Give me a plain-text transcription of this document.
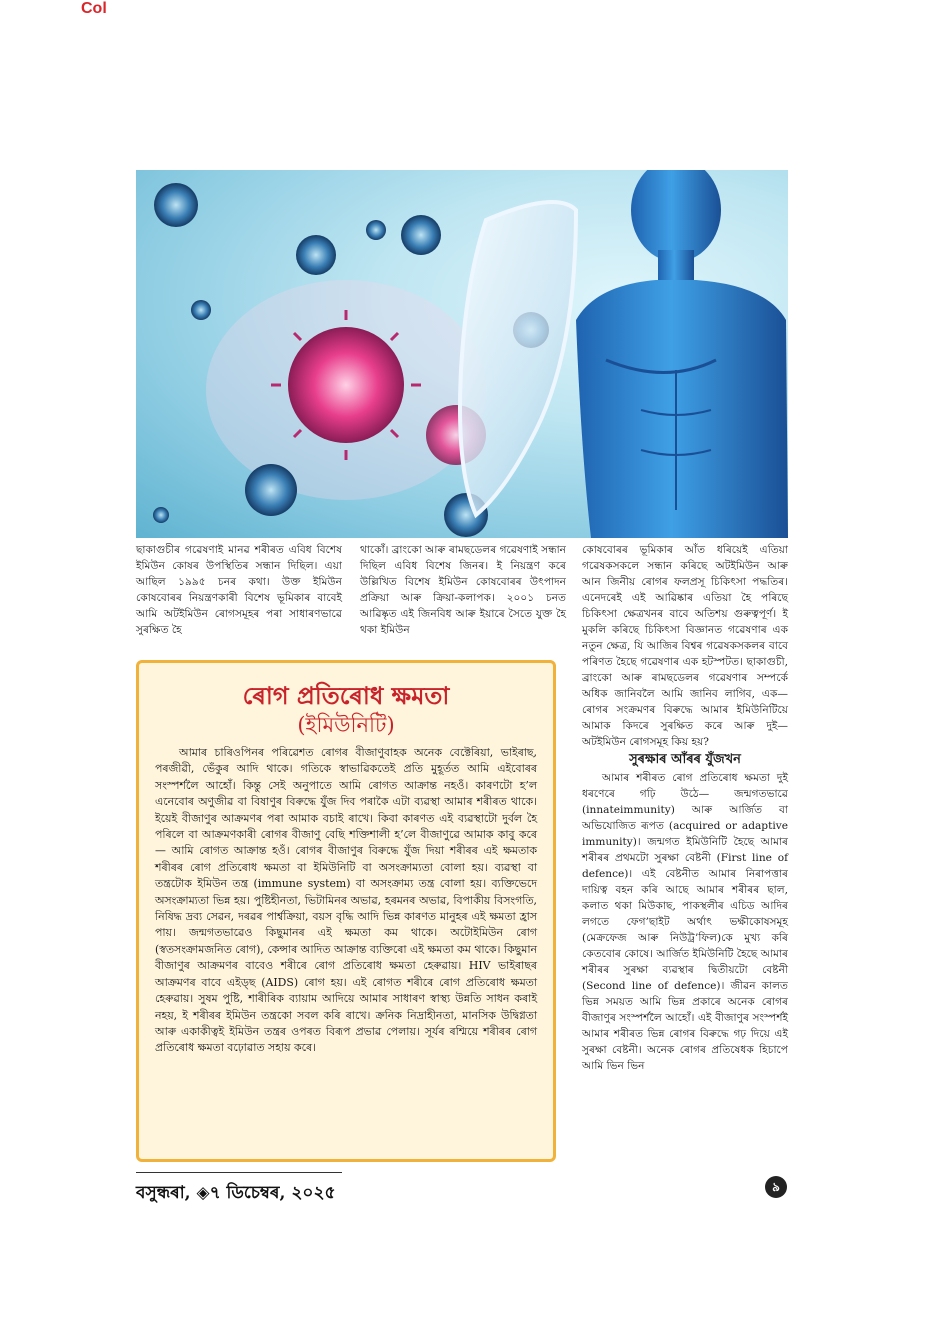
Col

ছাকাগুচীৰ গৱেষণাই মানৱ শৰীৰত এবিধ বিশেষ ইমিউন কোষৰ উপস্থিতিৰ সন্ধান দিছিল। এয়া আছিল ১৯৯৫ চনৰ কথা। উক্ত ইমিউন কোষবোৰৰ নিয়ন্ত্ৰণকাৰী বিশেষ ভূমিকাৰ বাবেই আমি অটইমিউন ৰোগসমূহৰ পৰা সাধাৰণভাৱে সুৰক্ষিত হৈ

থাকোঁ। ব্ৰাংকো আৰু ৰামছডেলৰ গৱেষণাই সন্ধান দিছিল এবিধ বিশেষ জিনৰ। ই নিয়ন্ত্ৰণ কৰে উল্লিখিত বিশেষ ইমিউন কোষবোৰৰ উৎপাদন প্ৰক্ৰিয়া আৰু ক্ৰিয়া-কলাপক। ২০০১ চনত আৱিষ্কৃত এই জিনবিধ আৰু ইয়াৰে সৈতে যুক্ত হৈ থকা ইমিউন

কোষবোৰৰ ভূমিকাৰ আঁত ধৰিয়েই এতিয়া গৱেষকসকলে সন্ধান কৰিছে অটইমিউন আৰু আন জিনীয় ৰোগৰ ফলপ্ৰসূ চিকিৎসা পদ্ধতিৰ। এনেদৰেই এই আৱিষ্কাৰ এতিয়া হৈ পৰিছে চিকিৎসা ক্ষেত্ৰখনৰ বাবে অতিশয় গুৰুত্বপূৰ্ণ। ই মুকলি কৰিছে চিকিৎসা বিজ্ঞানত গৱেষণাৰ এক নতুন ক্ষেত্ৰ, যি আজিৰ বিশ্বৰ গৱেষকসকলৰ বাবে পৰিণত হৈছে গৱেষণাৰ এক হটস্পটত। ছাকাগুচী, ব্ৰাংকো আৰু ৰামছডেলৰ গৱেষণাৰ সম্পৰ্কে অধিক জানিবলৈ আমি জানিব লাগিব, এক— ৰোগৰ সংক্ৰমণৰ বিৰুদ্ধে আমাৰ ইমিউনিটিয়ে আমাক কিদৰে সুৰক্ষিত কৰে আৰু দুই—অটইমিউন ৰোগসমূহ কিয় হয়?

সুৰক্ষাৰ আঁৰৰ যুঁজখন

আমাৰ শৰীৰত ৰোগ প্ৰতিৰোধ ক্ষমতা দুই ধৰণেৰে গঢ়ি উঠে— জন্মগতভাৱে (innateimmunity) আৰু আৰ্জিত বা অভিযোজিত ৰূপত (acquired or adaptive immunity)। জন্মগত ইমিউনিটি হৈছে আমাৰ শৰীৰৰ প্ৰথমটো সুৰক্ষা বেষ্টনী (First line of defence)। এই বেষ্টনীত আমাৰ নিৰাপত্তাৰ দায়িত্ব বহন কৰি আছে আমাৰ শৰীৰৰ ছাল, কলাত থকা মিউকাছ, পাকস্থলীৰ এচিড আদিৰ লগতে ফেগ’ছাইট অৰ্থাৎ ভক্ষীকোষসমূহ (মেক্ৰফেজ আৰু নিউট্ৰ’ফিল)কে মুখ্য কৰি কেতবোৰ কোষে। আৰ্জিত ইমিউনিটি হৈছে আমাৰ শৰীৰৰ সুৰক্ষা ব্যৱস্থাৰ দ্বিতীয়টো বেষ্টনী (Second line of defence)। জীৱন কালত ভিন্ন সময়ত আমি ভিন্ন প্ৰকাৰে অনেক ৰোগৰ বীজাণুৰ সংস্পৰ্শলৈ আহোঁ। এই বীজাণুৰ সংস্পৰ্শই আমাৰ শৰীৰত ভিন্ন ৰোগৰ বিৰুদ্ধে গঢ় দিয়ে এই সুৰক্ষা বেষ্টনী। অনেক ৰোগৰ প্ৰতিষেধক হিচাপে আমি ভিন ভিন

ৰোগ প্ৰতিৰোধ ক্ষমতা
(ইমিউনিটি)

আমাৰ চাৰিওপিনৰ পৰিৱেশত ৰোগৰ বীজাণুবাহক অনেক বেক্টেৰিয়া, ভাইৰাছ, পৰজীৱী, ভেঁকুৰ আদি থাকে। গতিকে স্বাভাৱিকতেই প্ৰতি মুহূৰ্তত আমি এইবোৰৰ সংস্পৰ্শলৈ আহোঁ। কিন্তু সেই অনুপাতে আমি ৰোগত আক্ৰান্ত নহওঁ। কাৰণটো হ’ল এনেবোৰ অণুজীৱ বা বিষাণুৰ বিৰুদ্ধে যুঁজ দিব পৰাকৈ এটা ব্যৱস্থা আমাৰ শৰীৰত থাকে। ইয়েই বীজাণুৰ আক্ৰমণৰ পৰা আমাক বচাই ৰাখে। কিবা কাৰণত এই ব্যৱস্থাটো দুৰ্বল হৈ পৰিলে বা আক্ৰমণকাৰী ৰোগৰ বীজাণু বেছি শক্তিশালী হ’লে বীজাণুৱে আমাক কাবু কৰে— আমি ৰোগত আক্ৰান্ত হওঁ। ৰোগৰ বীজাণুৰ বিৰুদ্ধে যুঁজ দিয়া শৰীৰৰ এই ক্ষমতাক শৰীৰৰ ৰোগ প্ৰতিৰোধ ক্ষমতা বা ইমিউনিটি বা অসংক্ৰাম্যতা বোলা হয়। ব্যৱস্থা বা তন্ত্ৰটোক ইমিউন তন্ত্ৰ (immune system) বা অসংক্ৰাম্য তন্ত্ৰ বোলা হয়। ব্যক্তিভেদে অসংক্ৰাম্যতা ভিন্ন হয়। পুষ্টিহীনতা, ভিটামিনৰ অভাৱ, হৰমনৰ অভাৱ, বিপাকীয় বিসংগতি, নিষিদ্ধ দ্ৰব্য সেৱন, দৰৱৰ পাৰ্শ্বক্ৰিয়া, বয়স বৃদ্ধি আদি ভিন্ন কাৰণত মানুহৰ এই ক্ষমতা হ্ৰাস পায়। জন্মগতভাৱেও কিছুমানৰ এই ক্ষমতা কম থাকে। অটোইমিউন ৰোগ (স্বতসংক্ৰামজনিত ৰোগ), কেন্সাৰ আদিত আক্ৰান্ত ব্যক্তিৰো এই ক্ষমতা কম থাকে। কিছুমান বীজাণুৰ আক্ৰমণৰ বাবেও শৰীৰে ৰোগ প্ৰতিৰোধ ক্ষমতা হেৰুৱায়। HIV ভাইৰাছৰ আক্ৰমণৰ বাবে এইড্ছ (AIDS) ৰোগ হয়। এই ৰোগত শৰীৰে ৰোগ প্ৰতিৰোধ ক্ষমতা হেৰুৱায়। সুষম পুষ্টি, শাৰীৰিক ব্যায়াম আদিয়ে আমাৰ সাধাৰণ স্বাস্থ্য উন্নতি সাধন কৰাই নহয়, ই শৰীৰৰ ইমিউন তন্ত্ৰকো সবল কৰি ৰাখে। ক্ৰনিক নিদ্ৰাহীনতা, মানসিক উদ্বিগ্নতা আৰু একাকীত্বই ইমিউন তন্ত্ৰৰ ওপৰত বিৰূপ প্ৰভাৱ পেলায়। সূৰ্যৰ ৰশ্মিয়ে শৰীৰৰ ৰোগ প্ৰতিৰোধ ক্ষমতা বঢ়োৱাত সহায় কৰে।

বসুন্ধৰা, ◈৭ ডিচেম্বৰ, ২০২৫	৯
